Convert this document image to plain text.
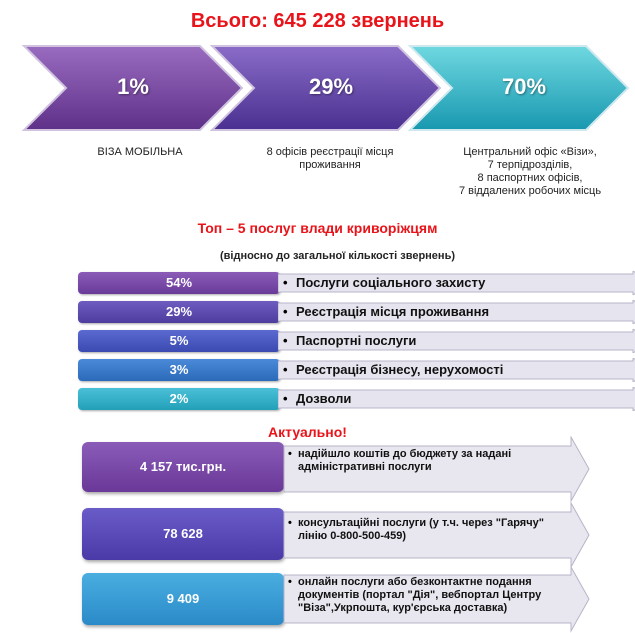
Всього: 645 228 звернень
1%	29%	70%
ВІЗА МОБІЛЬНА	8 офісів реєстрації місця
проживання
Центральний офіс «Візи»,
7 терпідрозділів,
8 паспортних офісів,
7 віддалених робочих місць
Топ – 5 послуг влади криворіжцям
(відносно до загальної кількості звернень)
54%	• Послуги соціального захисту
29%	• Реєстрація місця проживання
5%	• Паспортні послуги
3%	• Реєстрація бізнесу, нерухомості
2%	• Дозволи
Актуально!
4 157 тис.грн.
• надійшло коштів до бюджету за надані
адміністративні послуги
78 628
• консультаційні послуги (у т.ч. через "Гарячу"
лінію 0-800-500-459)
9 409
• онлайн послуги або безконтактне подання
документів (портал "Дія", вебпортал Центру
"Віза",Укрпошта, кур'єрська доставка)
